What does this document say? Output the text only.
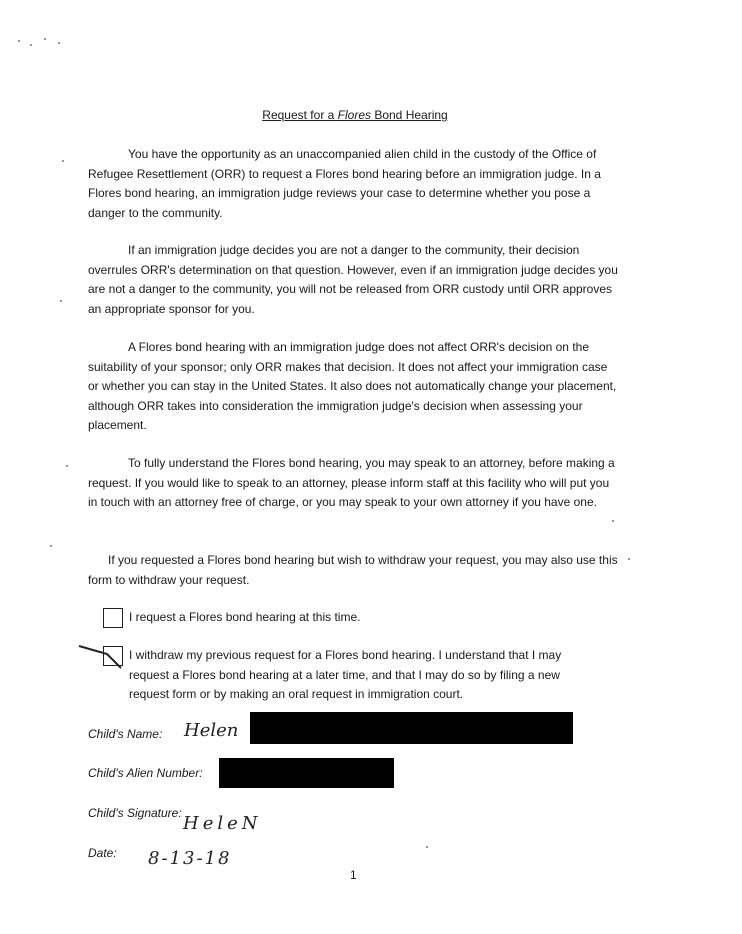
Request for a Flores Bond Hearing

You have the opportunity as an unaccompanied alien child in the custody of the Office of Refugee Resettlement (ORR) to request a Flores bond hearing before an immigration judge. In a Flores bond hearing, an immigration judge reviews your case to determine whether you pose a danger to the community.

If an immigration judge decides you are not a danger to the community, their decision overrules ORR's determination on that question. However, even if an immigration judge decides you are not a danger to the community, you will not be released from ORR custody until ORR approves an appropriate sponsor for you.

A Flores bond hearing with an immigration judge does not affect ORR's decision on the suitability of your sponsor; only ORR makes that decision. It does not affect your immigration case or whether you can stay in the United States. It also does not automatically change your placement, although ORR takes into consideration the immigration judge's decision when assessing your placement.

To fully understand the Flores bond hearing, you may speak to an attorney, before making a request. If you would like to speak to an attorney, please inform staff at this facility who will put you in touch with an attorney free of charge, or you may speak to your own attorney if you have one.

If you requested a Flores bond hearing but wish to withdraw your request, you may also use this form to withdraw your request.

I request a Flores bond hearing at this time.
I withdraw my previous request for a Flores bond hearing. I understand that I may request a Flores bond hearing at a later time, and that I may do so by filing a new request form or by making an oral request in immigration court.
Child's Name: Helen
Child's Alien Number:
Child's Signature: HeleN
Date: 8-13-18
1
